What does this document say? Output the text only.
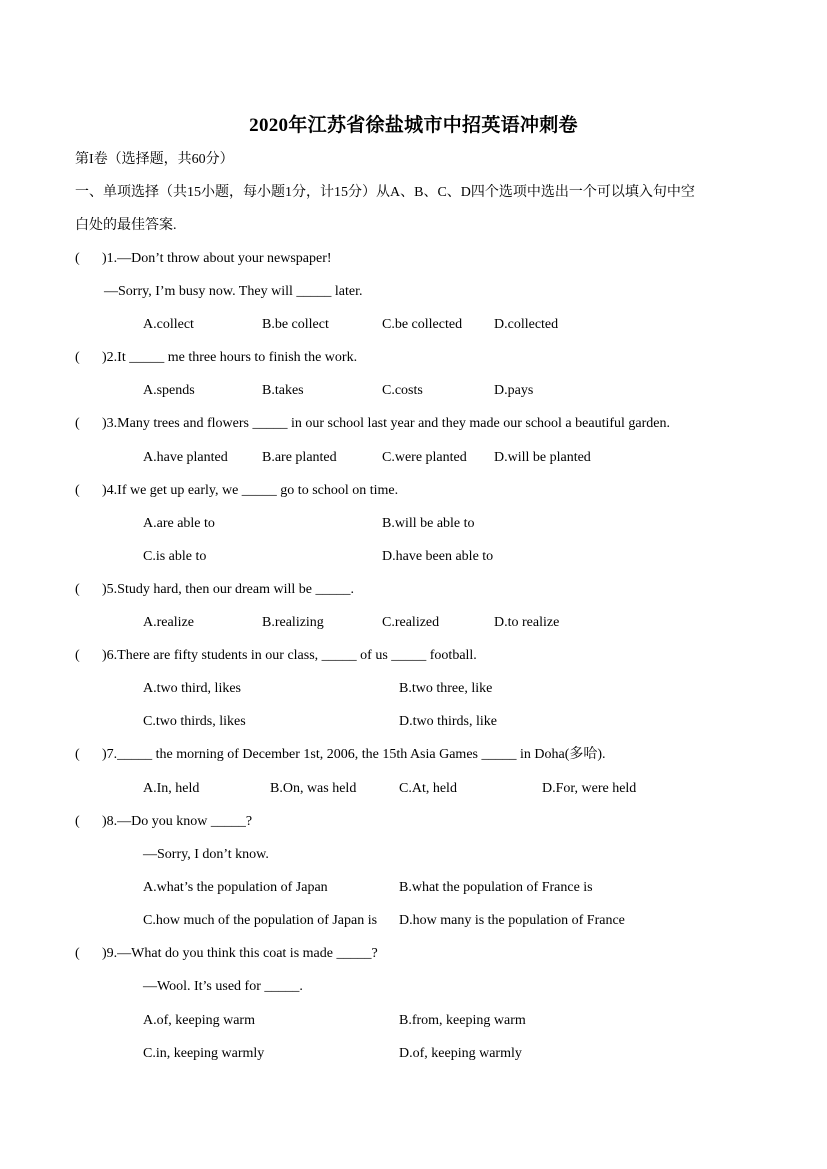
2020年江苏省徐盐城市中招英语冲刺卷
第I卷（选择题，共60分）
一、单项选择（共15小题，每小题1分，计15分）从A、B、C、D四个选项中选出一个可以填入句中空
白处的最佳答案.
( )1.—Don’t throw about your newspaper!
—Sorry, I’m busy now. They will _____ later.
A.collect	B.be collect	C.be collected D.collected
( )2.It _____ me three hours to finish the work.
A.spends	B.takes	C.costs	D.pays
( )3.Many trees and flowers _____ in our school last year and they made our school a beautiful garden.
A.have planted B.are planted	C.were planted D.will be planted
( )4.If we get up early, we _____ go to school on time.
A.are able to	B.will be able to
C.is able to	D.have been able to
( )5.Study hard, then our dream will be _____.
A.realize	B.realizing	C.realized	D.to realize
( )6.There are fifty students in our class, _____ of us _____ football.
A.two third, likes	B.two three, like
C.two thirds, likes	D.two thirds, like
( )7._____ the morning of December 1st, 2006, the 15th Asia Games _____ in Doha(多哈).
A.In, held	B.On, was held	C.At, held	D.For, were held
( )8.—Do you know _____?
—Sorry, I don’t know.
A.what’s the population of Japan	B.what the population of France is
C.how much of the population of Japan is D.how many is the population of France
( )9.—What do you think this coat is made _____?
—Wool. It’s used for _____.
A.of, keeping warm	B.from, keeping warm
C.in, keeping warmly	D.of, keeping warmly
